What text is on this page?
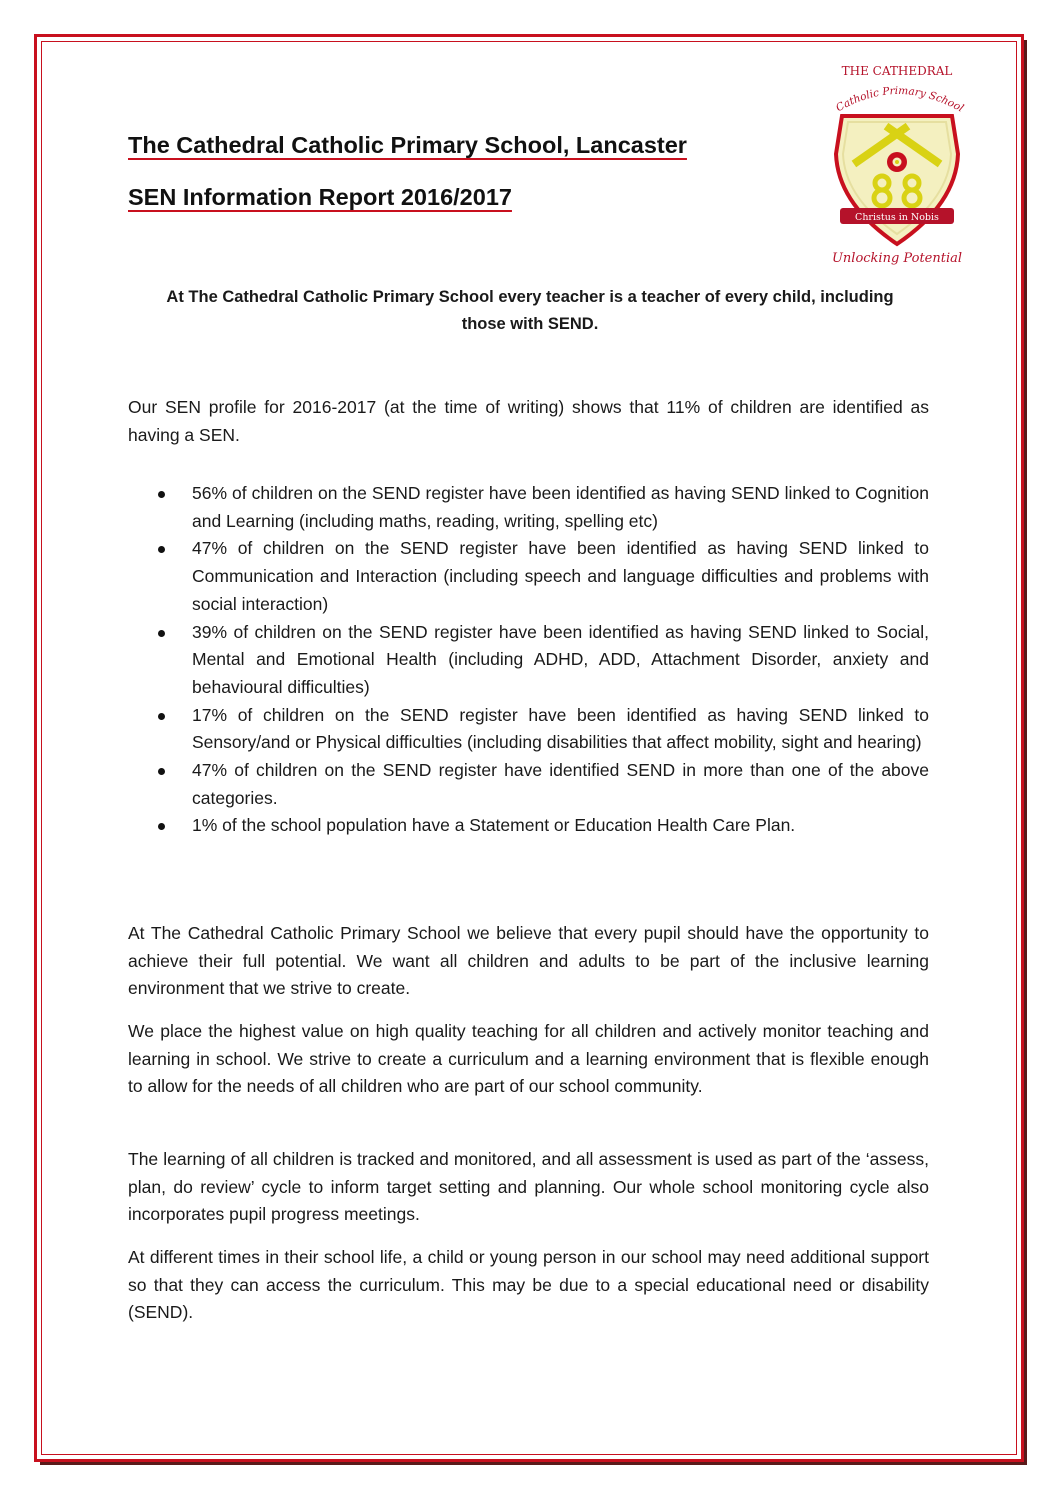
The Cathedral Catholic Primary School, Lancaster
SEN Information Report 2016/2017
THE CATHEDRAL
Catholic Primary School
Christus in Nobis
Unlocking Potential

At The Cathedral Catholic Primary School every teacher is a teacher of every child, including those with SEND.

Our SEN profile for 2016-2017 (at the time of writing) shows that 11% of children are identified as having a SEN.

56% of children on the SEND register have been identified as having SEND linked to Cognition and Learning (including maths, reading, writing, spelling etc)
47% of children on the SEND register have been identified as having SEND linked to Communication and Interaction (including speech and language difficulties and problems with social interaction)
39% of children on the SEND register have been identified as having SEND linked to Social, Mental and Emotional Health (including ADHD, ADD, Attachment Disorder, anxiety and behavioural difficulties)
17% of children on the SEND register have been identified as having SEND linked to Sensory/and or Physical difficulties (including disabilities that affect mobility, sight and hearing)
47% of children on the SEND register have identified SEND in more than one of the above categories.
1% of the school population have a Statement or Education Health Care Plan.

At The Cathedral Catholic Primary School we believe that every pupil should have the opportunity to achieve their full potential. We want all children and adults to be part of the inclusive learning environment that we strive to create.

We place the highest value on high quality teaching for all children and actively monitor teaching and learning in school. We strive to create a curriculum and a learning environment that is flexible enough to allow for the needs of all children who are part of our school community.

The learning of all children is tracked and monitored, and all assessment is used as part of the ‘assess, plan, do review’ cycle to inform target setting and planning. Our whole school monitoring cycle also incorporates pupil progress meetings.

At different times in their school life, a child or young person in our school may need additional support so that they can access the curriculum. This may be due to a special educational need or disability (SEND).
